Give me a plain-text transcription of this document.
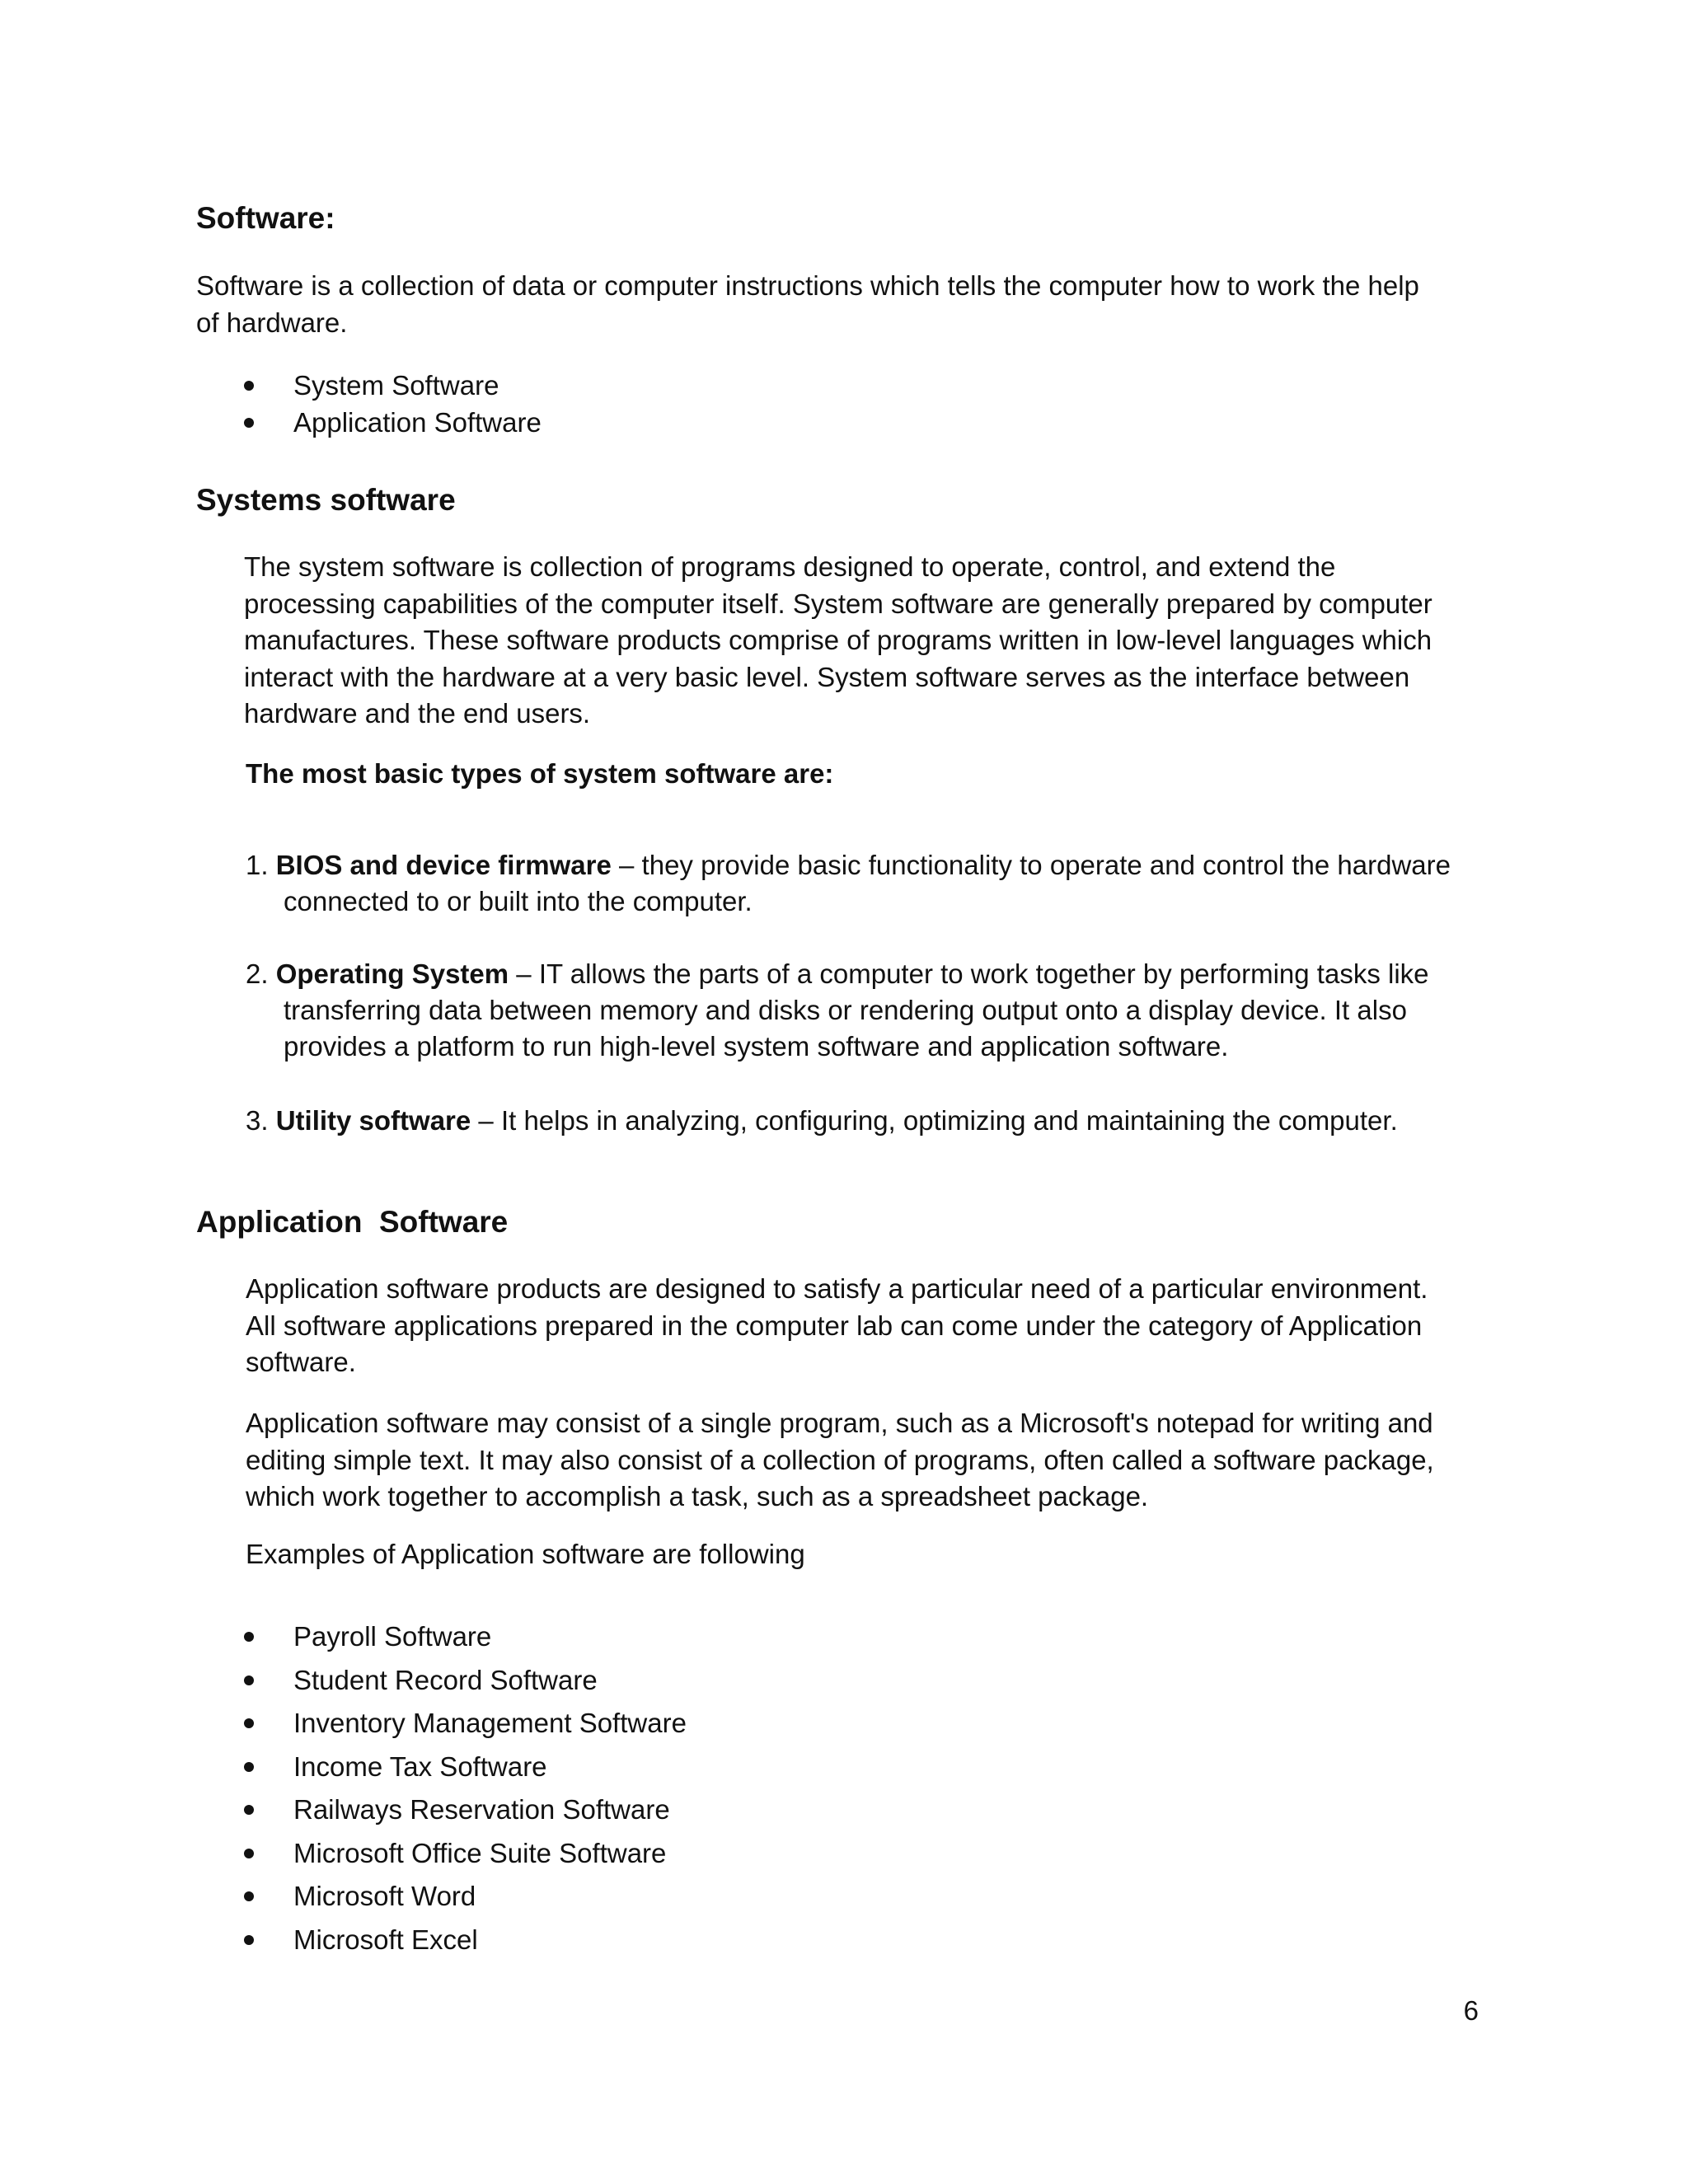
Software:
Software is a collection of data or computer instructions which tells the computer how to work the help
of hardware.
System Software
Application Software
Systems software
The system software is collection of programs designed to operate, control, and extend the
processing capabilities of the computer itself. System software are generally prepared by computer
manufactures. These software products comprise of programs written in low-level languages which
interact with the hardware at a very basic level. System software serves as the interface between
hardware and the end users.

The most basic types of system software are:

1. BIOS and device firmware – they provide basic functionality to operate and control the hardware
connected to or built into the computer.
2. Operating System – IT allows the parts of a computer to work together by performing tasks like
transferring data between memory and disks or rendering output onto a display device. It also
provides a platform to run high-level system software and application software.
3. Utility software – It helps in analyzing, configuring, optimizing and maintaining the computer.
Application  Software
Application software products are designed to satisfy a particular need of a particular environment.
All software applications prepared in the computer lab can come under the category of Application
software.
Application software may consist of a single program, such as a Microsoft's notepad for writing and
editing simple text. It may also consist of a collection of programs, often called a software package,
which work together to accomplish a task, such as a spreadsheet package.

Examples of Application software are following

Payroll Software
Student Record Software
Inventory Management Software
Income Tax Software
Railways Reservation Software
Microsoft Office Suite Software
Microsoft Word
Microsoft Excel
6
